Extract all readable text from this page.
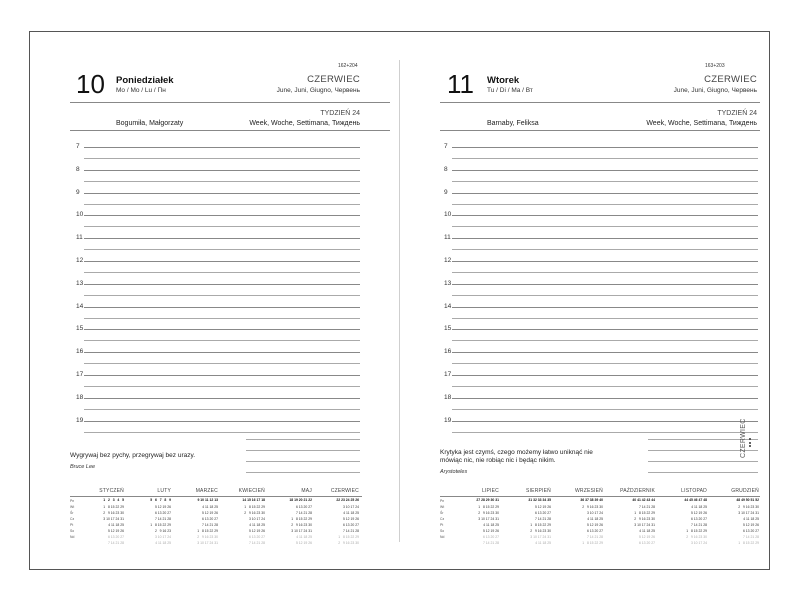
162+204
10 Poniedziałek
Mo / Mo / Lu / Пн
CZERWIEC
June, Juni, Giugno, Червень
TYDZIEŃ 24
Bogumiła, Małgorzaty	Week, Woche, Settimana, Тиждень
7
8
9
10
11
12
13
14
15
16
17
18
19
Wygrywaj bez pychy, przegrywaj bez urazy.
Bruce Lee
Pn
Wt
Śr
Cz
Pt
So
Nd
STYCZEŃ
1   2   3   4   5
1   8 15 22 29
2   9 16 23 30
3 10 17 24 31
4 11 18 25
5 12 19 26
6 13 20 27
7 14 21 28
LUTY
5   6   7   8   9
5 12 19 26
6 13 20 27
7 14 21 28
1   8 15 22 29
2   9 16 23
3 10 17 24
4 11 18 25
MARZEC
9 10 11 12 13
4 11 18 25
5 12 19 26
6 13 20 27
7 14 21 28
1   8 15 22 29
2   9 16 23 30
3 10 17 24 31
KWIECIEŃ
14 15 16 17 18
1   8 15 22 29
2   9 16 23 30
3 10 17 24
4 11 18 25
5 12 19 26
6 13 20 27
7 14 21 28
MAJ
18 19 20 21 22
6 13 20 27
7 14 21 28
1   8 15 22 29
2   9 16 23 30
3 10 17 24 31
4 11 18 25
5 12 19 26
CZERWIEC
22 23 24 25 26
3 10 17 24
4 11 18 25
5 12 19 26
6 13 20 27
7 14 21 28
1   8 15 22 29
2   9 16 23 30
163+203
11 Wtorek
Tu / Di / Ma / Вт
CZERWIEC
June, Juni, Giugno, Червень
TYDZIEŃ 24
Barnaby, Feliksa	Week, Woche, Settimana, Тиждень
7
8
9
10
11
12
13
14
15
16
17
18
19
Krytyka jest czymś, czego możemy łatwo uniknąć nie mówiąc nic, nie robiąc nic i będąc nikim.
Arystoteles
Pn
Wt
Śr
Cz
Pt
So
Nd
LIPIEC
27 28 29 30 31
1   8 15 22 29
2   9 16 23 30
3 10 17 24 31
4 11 18 25
5 12 19 26
6 13 20 27
7 14 21 28
SIERPIEŃ
31 32 33 34 35
5 12 19 26
6 13 20 27
7 14 21 28
1   8 15 22 29
2   9 16 23 30
3 10 17 24 31
4 11 18 25
WRZESIEŃ
36 37 38 39 40
2   9 16 23 30
3 10 17 24
4 11 18 25
5 12 19 26
6 13 20 27
7 14 21 28
1   8 15 22 29
PAŹDZIERNIK
40 41 42 43 44
7 14 21 28
1   8 15 22 29
2   9 16 23 30
3 10 17 24 31
4 11 18 25
5 12 19 26
6 13 20 27
LISTOPAD
44 45 46 47 48
4 11 18 25
5 12 19 26
6 13 20 27
7 14 21 28
1   8 15 22 29
2   9 16 23 30
3 10 17 24
GRUDZIEŃ
48 49 50 51 52
2   9 16 23 30
3 10 17 24 31
4 11 18 25
5 12 19 26
6 13 20 27
7 14 21 28
1   8 15 22 29
CZERWIEC
